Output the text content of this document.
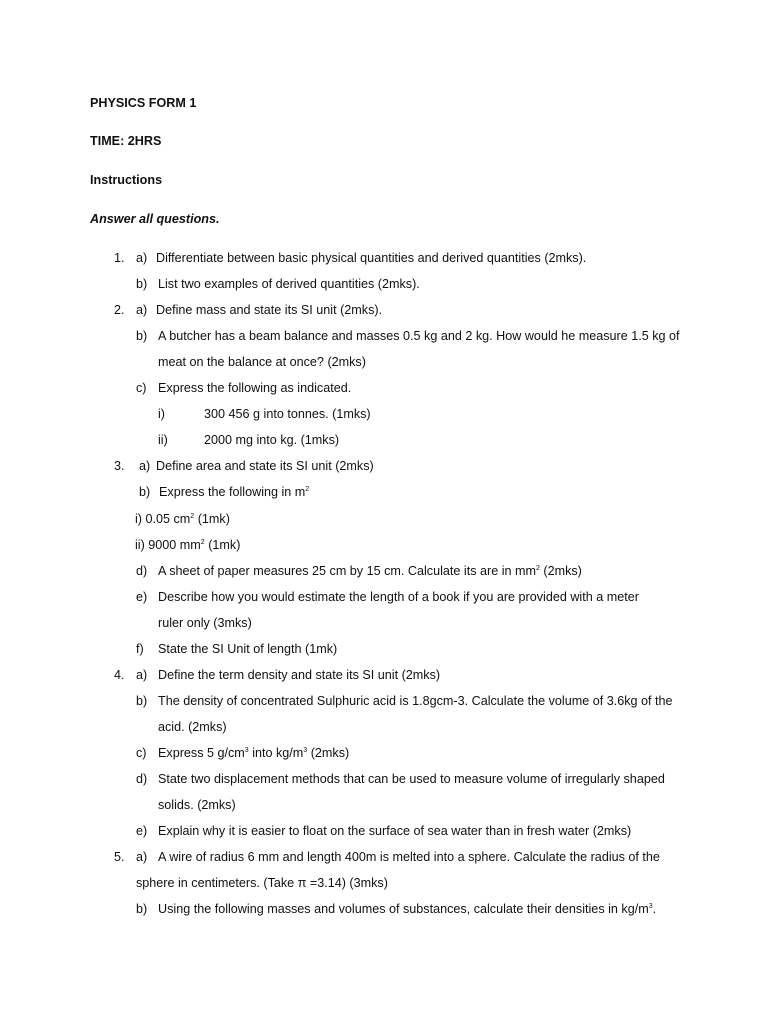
PHYSICS FORM 1
TIME: 2HRS
Instructions
Answer all questions.
1. a) Differentiate between basic physical quantities and derived quantities (2mks).
b) List two examples of derived quantities (2mks).
2. a) Define mass and state its SI unit (2mks).
b) A butcher has a beam balance and masses 0.5 kg and 2 kg. How would he measure 1.5 kg of
meat on the balance at once? (2mks)
c) Express the following as indicated.
i)	300 456 g into tonnes. (1mks)
ii)	2000 mg into kg. (1mks)
3. a) Define area and state its SI unit (2mks)
b) Express the following in $m^2$
i) 0.05 $cm^2$ (1mk)
ii) 9000 $mm^2$ (1mk)
d) A sheet of paper measures 25 cm by 15 cm. Calculate its are in $mm^2$ (2mks)
e) Describe how you would estimate the length of a book if you are provided with a meter
ruler only (3mks)
f) State the SI Unit of length (1mk)
4. a) Define the term density and state its SI unit (2mks)
b) The density of concentrated Sulphuric acid is 1.8gcm-3. Calculate the volume of 3.6kg of the
acid. (2mks)
c) Express 5 $g/cm^3$ into $kg/m^3$ (2mks)
d) State two displacement methods that can be used to measure volume of irregularly shaped
solids. (2mks)
e) Explain why it is easier to float on the surface of sea water than in fresh water (2mks)
5. a) A wire of radius 6 mm and length 400m is melted into a sphere. Calculate the radius of the
sphere in centimeters. (Take π =3.14) (3mks)
b) Using the following masses and volumes of substances, calculate their densities in $kg/m^3$.
